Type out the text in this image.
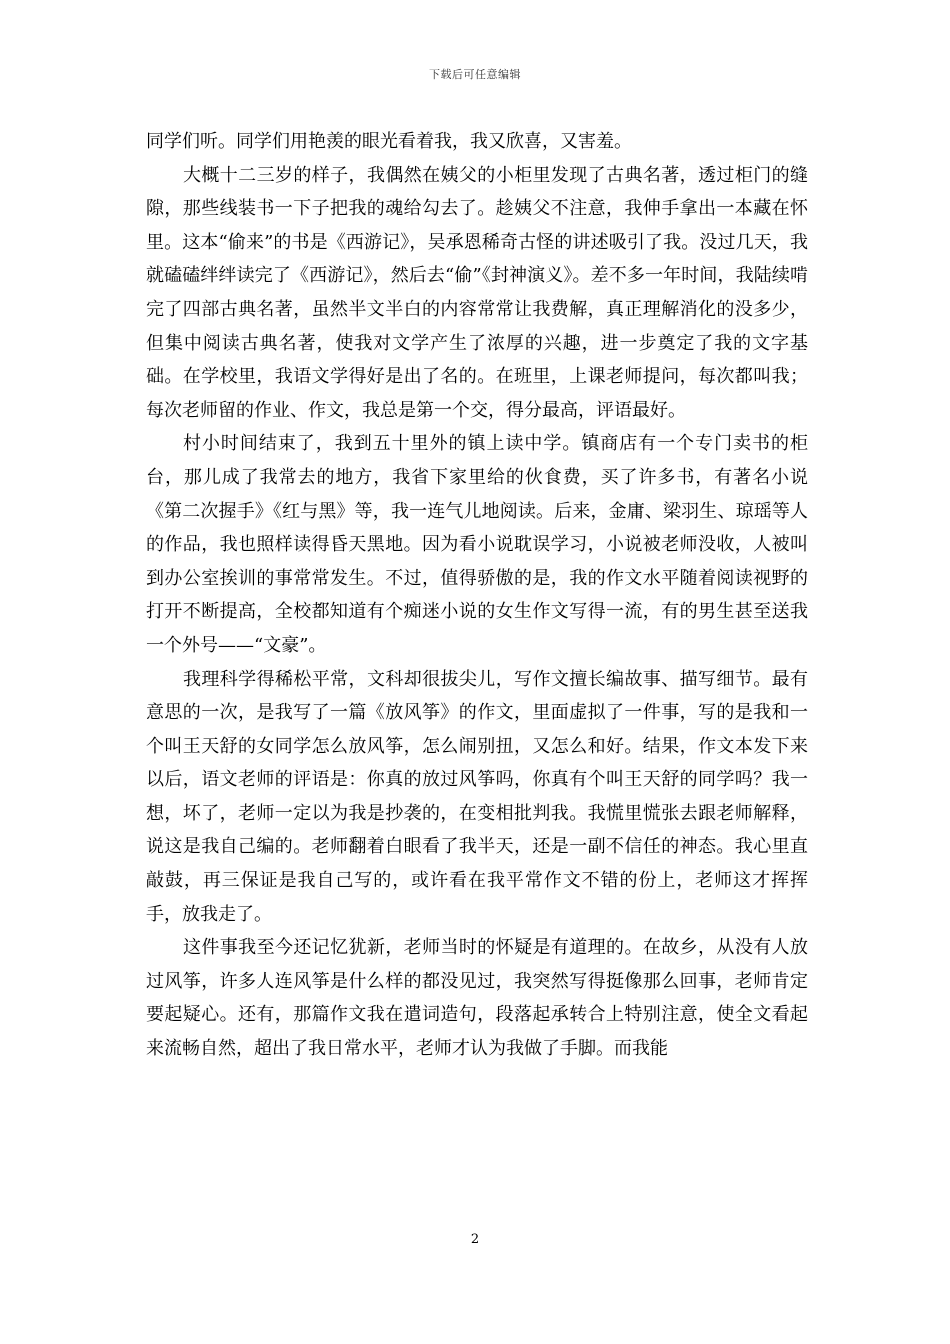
下载后可任意编辑

同学们听。同学们用艳羡的眼光看着我，我又欣喜，又害羞。

大概十二三岁的样子，我偶然在姨父的小柜里发现了古典名著，透过柜门的缝隙，那些线装书一下子把我的魂给勾去了。趁姨父不注意，我伸手拿出一本藏在怀里。这本“偷来”的书是《西游记》，吴承恩稀奇古怪的讲述吸引了我。没过几天，我就磕磕绊绊读完了《西游记》，然后去“偷”《封神演义》。差不多一年时间，我陆续啃完了四部古典名著，虽然半文半白的内容常常让我费解，真正理解消化的没多少，但集中阅读古典名著，使我对文学产生了浓厚的兴趣，进一步奠定了我的文字基础。在学校里，我语文学得好是出了名的。在班里，上课老师提问，每次都叫我；每次老师留的作业、作文，我总是第一个交，得分最高，评语最好。

村小时间结束了，我到五十里外的镇上读中学。镇商店有一个专门卖书的柜台，那儿成了我常去的地方，我省下家里给的伙食费，买了许多书，有著名小说《第二次握手》《红与黑》等，我一连气儿地阅读。后来，金庸、梁羽生、琼瑶等人的作品，我也照样读得昏天黑地。因为看小说耽误学习，小说被老师没收，人被叫到办公室挨训的事常常发生。不过，值得骄傲的是，我的作文水平随着阅读视野的打开不断提高，全校都知道有个痴迷小说的女生作文写得一流，有的男生甚至送我一个外号——“文豪”。

我理科学得稀松平常，文科却很拔尖儿，写作文擅长编故事、描写细节。最有意思的一次，是我写了一篇《放风筝》的作文，里面虚拟了一件事，写的是我和一个叫王天舒的女同学怎么放风筝，怎么闹别扭，又怎么和好。结果，作文本发下来以后，语文老师的评语是：你真的放过风筝吗，你真有个叫王天舒的同学吗？我一想，坏了，老师一定以为我是抄袭的，在变相批判我。我慌里慌张去跟老师解释，说这是我自己编的。老师翻着白眼看了我半天，还是一副不信任的神态。我心里直敲鼓，再三保证是我自己写的，或许看在我平常作文不错的份上，老师这才挥挥手，放我走了。

这件事我至今还记忆犹新，老师当时的怀疑是有道理的。在故乡，从没有人放过风筝，许多人连风筝是什么样的都没见过，我突然写得挺像那么回事，老师肯定要起疑心。还有，那篇作文我在遣词造句，段落起承转合上特别注意，使全文看起来流畅自然，超出了我日常水平，老师才认为我做了手脚。而我能

2
